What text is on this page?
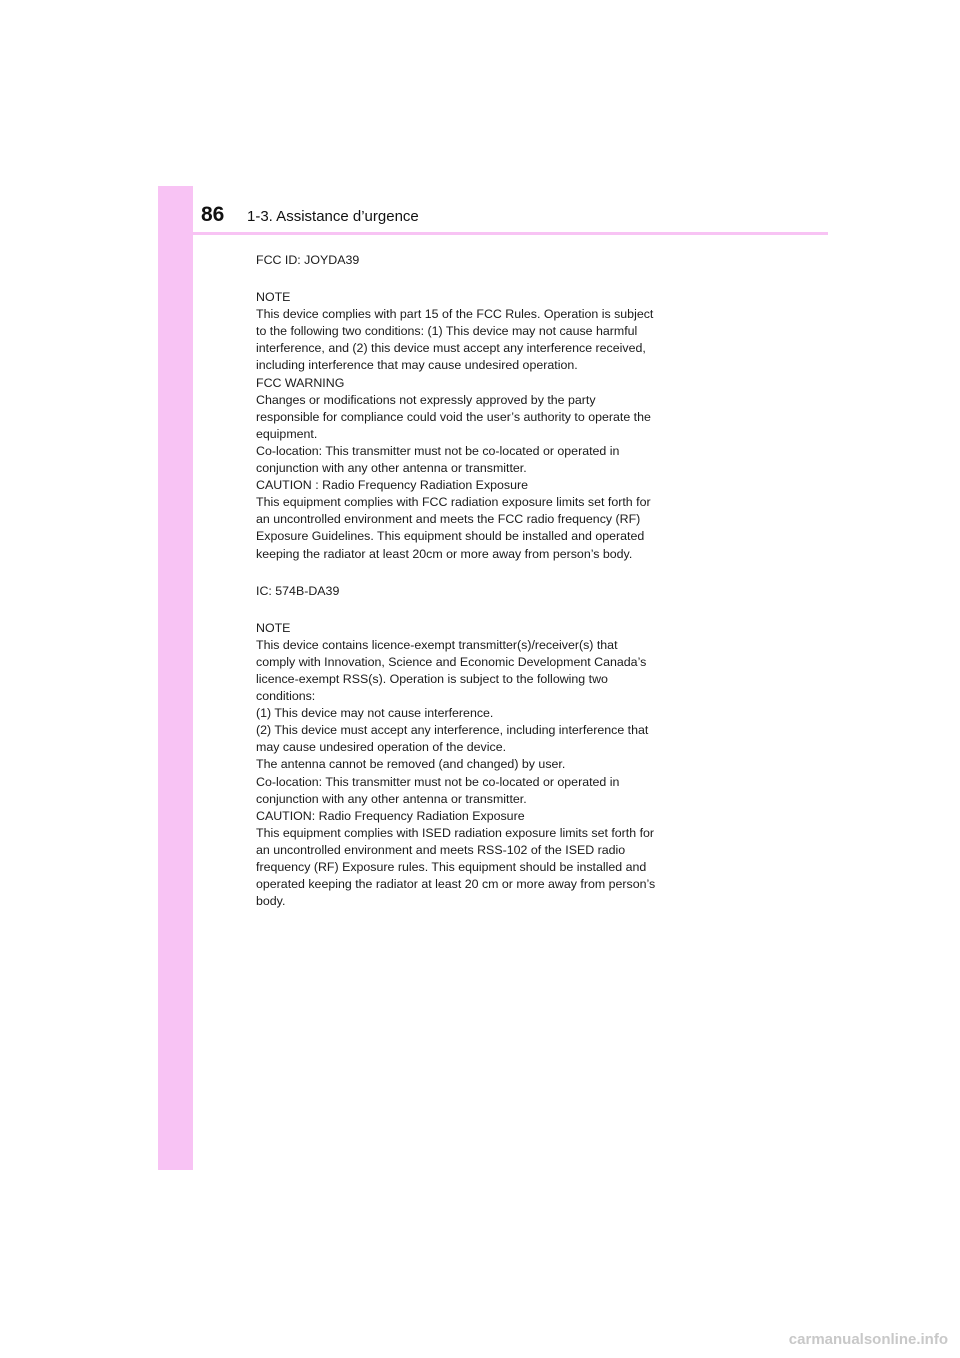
86 1-3. Assistance d’urgence

FCC ID: JOYDA39

NOTE

This device complies with part 15 of the FCC Rules. Operation is subject

to the following two conditions: (1) This device may not cause harmful

interference, and (2) this device must accept any interference received,

including interference that may cause undesired operation.

FCC WARNING

Changes or modifications not expressly approved by the party

responsible for compliance could void the user’s authority to operate the

equipment.

Co-location: This transmitter must not be co-located or operated in

conjunction with any other antenna or transmitter.

CAUTION : Radio Frequency Radiation Exposure

This equipment complies with FCC radiation exposure limits set forth for

an uncontrolled environment and meets the FCC radio frequency (RF)

Exposure Guidelines. This equipment should be installed and operated

keeping the radiator at least 20cm or more away from person’s body.

IC: 574B-DA39

NOTE

This device contains licence-exempt transmitter(s)/receiver(s) that

comply with Innovation, Science and Economic Development Canada’s

licence-exempt RSS(s). Operation is subject to the following two

conditions:

(1) This device may not cause interference.

(2) This device must accept any interference, including interference that

may cause undesired operation of the device.

The antenna cannot be removed (and changed) by user.

Co-location: This transmitter must not be co-located or operated in

conjunction with any other antenna or transmitter.

CAUTION: Radio Frequency Radiation Exposure

This equipment complies with ISED radiation exposure limits set forth for

an uncontrolled environment and meets RSS-102 of the ISED radio

frequency (RF) Exposure rules. This equipment should be installed and

operated keeping the radiator at least 20 cm or more away from person’s

body.

carmanualsonline.info
